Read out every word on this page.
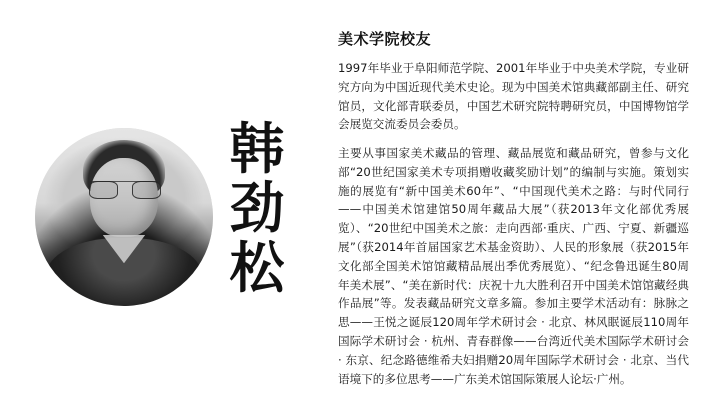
韩
劲
松
美术学院校友

1997年毕业于阜阳师范学院、2001年毕业于中央美术学院，专业研究方向为中国近现代美术史论。现为中国美术馆典藏部副主任、研究馆员，文化部青联委员，中国艺术研究院特聘研究员，中国博物馆学会展览交流委员会委员。

主要从事国家美术藏品的管理、藏品展览和藏品研究，曾参与文化部“20世纪国家美术专项捐赠收藏奖励计划”的编制与实施。策划实施的展览有“新中国美术60年”、“中国现代美术之路：与时代同行——中国美术馆建馆50周年藏品大展”（获2013年文化部优秀展览）、“20世纪中国美术之旅：走向西部·重庆、广西、宁夏、新疆巡展”（获2014年首届国家艺术基金资助）、人民的形象展（获2015年文化部全国美术馆馆藏精品展出季优秀展览）、“纪念鲁迅诞生80周年美术展”、“美在新时代：庆祝十九大胜利召开中国美术馆馆藏经典作品展”等。发表藏品研究文章多篇。参加主要学术活动有：脉脉之思——王悦之诞辰120周年学术研讨会 · 北京、林风眠诞辰110周年国际学术研讨会 · 杭州、青春群像——台湾近代美术国际学术研讨会 · 东京、纪念路德维希夫妇捐赠20周年国际学术研讨会 · 北京、当代语境下的多位思考——广东美术馆国际策展人论坛·广州。
